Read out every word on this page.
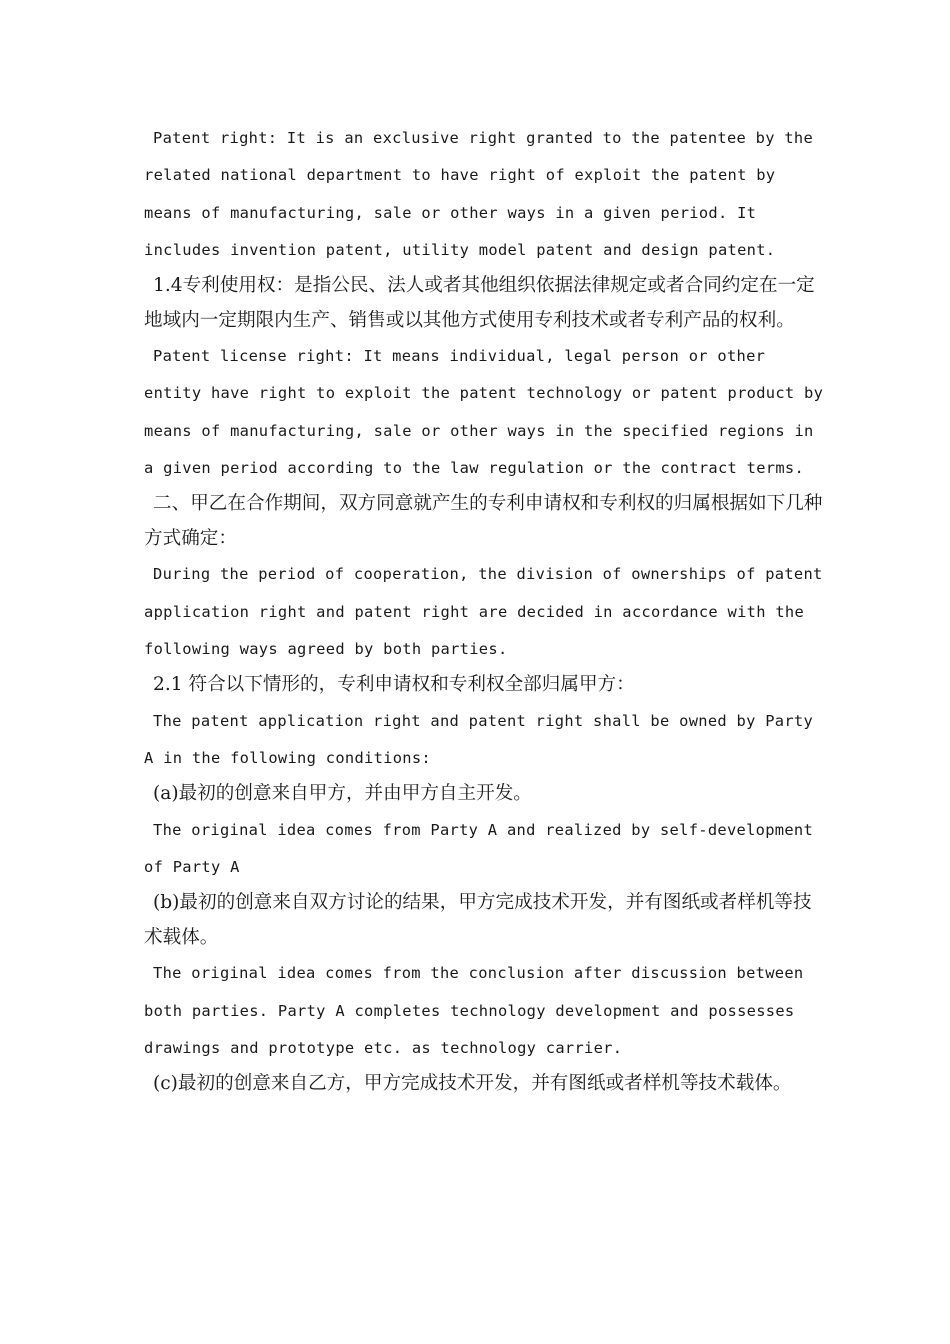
Patent right: It is an exclusive right granted to the patentee by the related national department to have right of exploit the patent by means of manufacturing, sale or other ways in a given period. It includes invention patent, utility model patent and design patent.

1.4专利使用权：是指公民、法人或者其他组织依据法律规定或者合同约定在一定地域内一定期限内生产、销售或以其他方式使用专利技术或者专利产品的权利。

Patent license right: It means individual, legal person or other entity have right to exploit the patent technology or patent product by means of manufacturing, sale or other ways in the specified regions in a given period according to the law regulation or the contract terms.

二、甲乙在合作期间，双方同意就产生的专利申请权和专利权的归属根据如下几种方式确定：

During the period of cooperation, the division of ownerships of patent application right and patent right are decided in accordance with the following ways agreed by both parties.

2.1 符合以下情形的，专利申请权和专利权全部归属甲方：

The patent application right and patent right shall be owned by Party A in the following conditions:

(a)最初的创意来自甲方，并由甲方自主开发。

The original idea comes from Party A and realized by self-development of Party A

(b)最初的创意来自双方讨论的结果，甲方完成技术开发，并有图纸或者样机等技术载体。

The original idea comes from the conclusion after discussion between both parties. Party A completes technology development and possesses drawings and prototype etc. as technology carrier.

(c)最初的创意来自乙方，甲方完成技术开发，并有图纸或者样机等技术载体。
